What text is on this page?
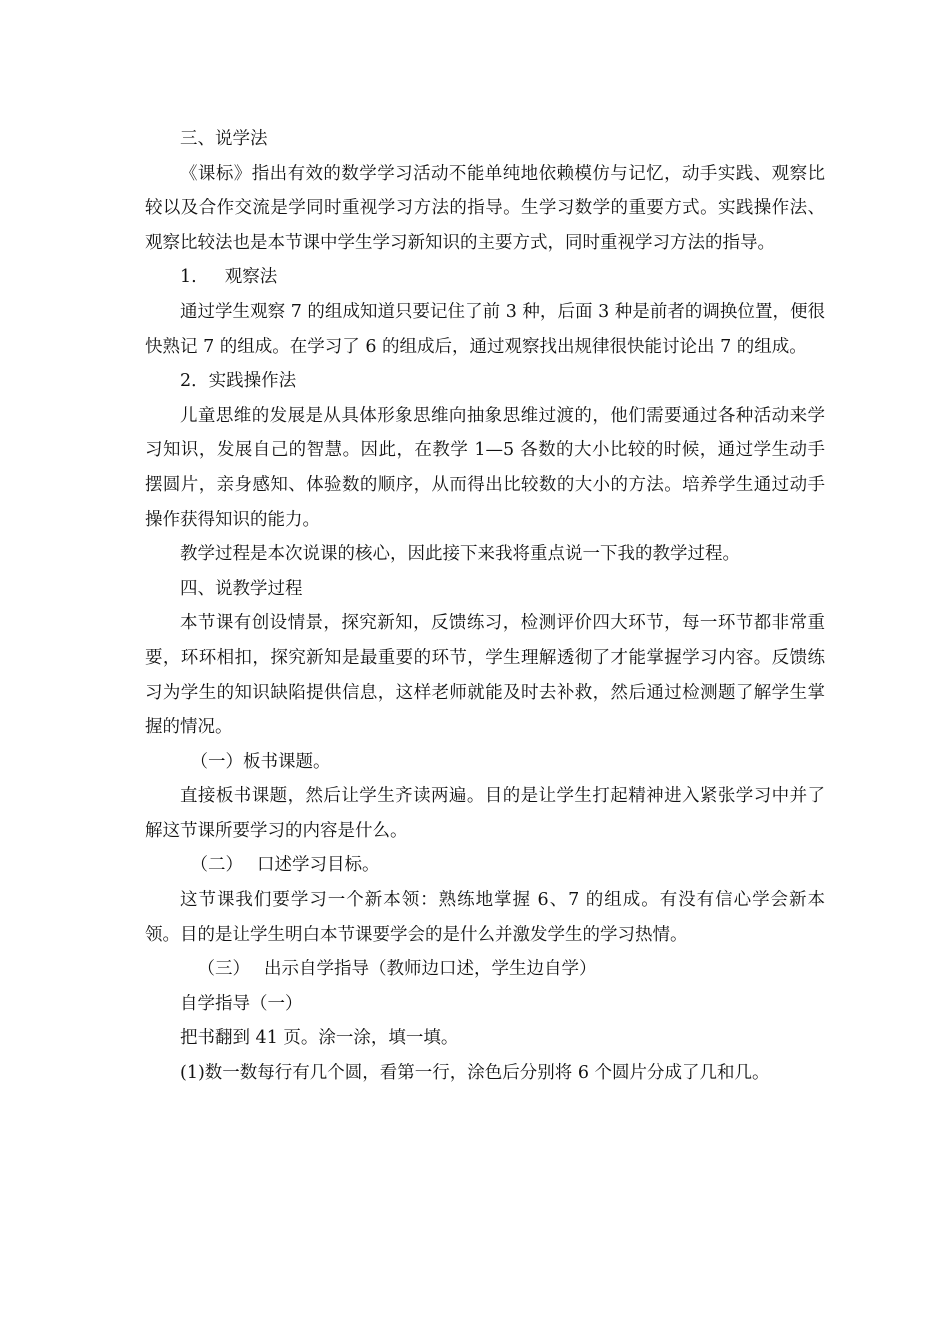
三、说学法

《课标》指出有效的数学学习活动不能单纯地依赖模仿与记忆，动手实践、观察比较以及合作交流是学同时重视学习方法的指导。生学习数学的重要方式。实践操作法、观察比较法也是本节课中学生学习新知识的主要方式，同时重视学习方法的指导。

1. 观察法

通过学生观察 7 的组成知道只要记住了前 3 种，后面 3 种是前者的调换位置，便很快熟记 7 的组成。在学习了 6 的组成后，通过观察找出规律很快能讨论出 7 的组成。

2．实践操作法

儿童思维的发展是从具体形象思维向抽象思维过渡的，他们需要通过各种活动来学习知识，发展自己的智慧。因此，在教学 1—5 各数的大小比较的时候，通过学生动手摆圆片，亲身感知、体验数的顺序，从而得出比较数的大小的方法。培养学生通过动手操作获得知识的能力。

教学过程是本次说课的核心，因此接下来我将重点说一下我的教学过程。

四、说教学过程

本节课有创设情景，探究新知，反馈练习，检测评价四大环节，每一环节都非常重要，环环相扣，探究新知是最重要的环节，学生理解透彻了才能掌握学习内容。反馈练习为学生的知识缺陷提供信息，这样老师就能及时去补救，然后通过检测题了解学生掌握的情况。

（一）板书课题。

直接板书课题，然后让学生齐读两遍。目的是让学生打起精神进入紧张学习中并了解这节课所要学习的内容是什么。

（二） 口述学习目标。

这节课我们要学习一个新本领：熟练地掌握 6、7 的组成。有没有信心学会新本领。目的是让学生明白本节课要学会的是什么并激发学生的学习热情。

（三） 出示自学指导（教师边口述，学生边自学）

自学指导（一）

把书翻到 41 页。涂一涂，填一填。

(1)数一数每行有几个圆，看第一行，涂色后分别将 6 个圆片分成了几和几。
